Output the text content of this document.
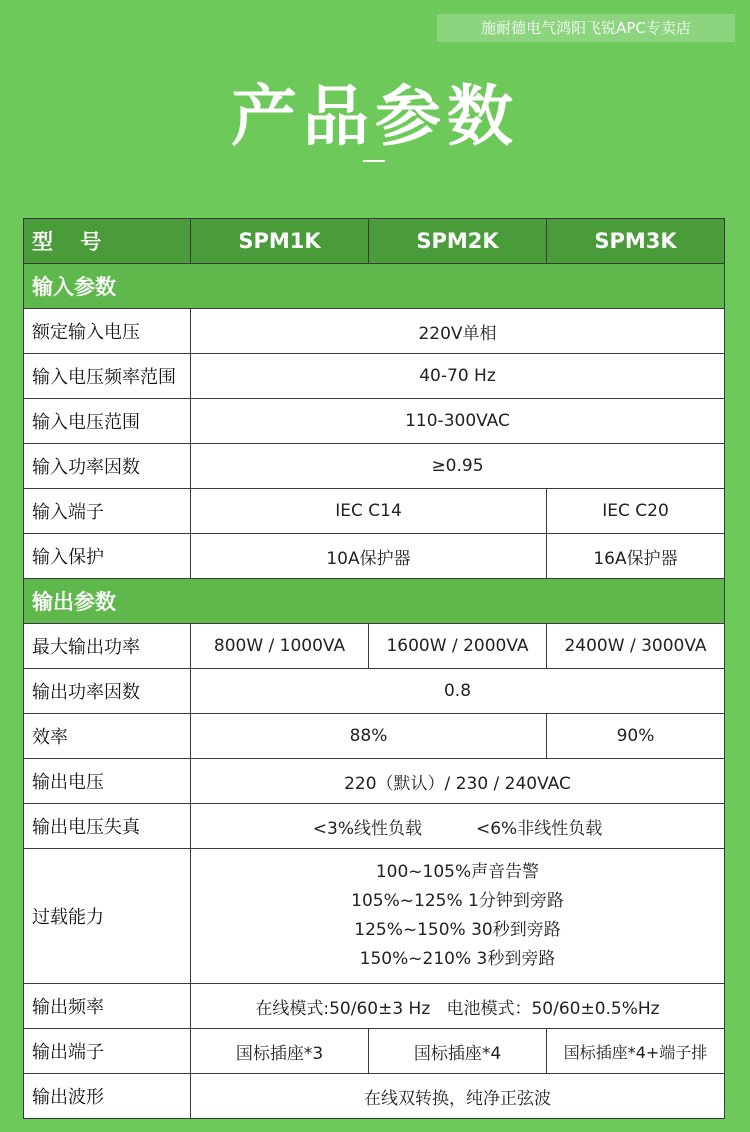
施耐德电气鸿阳飞锐APC专卖店
产品参数
型 号	SPM1K	SPM2K	SPM3K
输入参数			
额定输入电压	220V单相		
输入电压频率范围	40-70 Hz		
输入电压范围	110-300VAC		
输入功率因数	≥0.95		
输入端子	IEC C14		IEC C20
输入保护	10A保护器		16A保护器
输出参数			
最大输出功率	800W / 1000VA	1600W / 2000VA	2400W / 3000VA
输出功率因数	0.8		
效率	88%		90%
输出电压	220（默认）/ 230 / 240VAC		
输出电压失真	<3%线性负载 <6%非线性负载		
过载能力	100~105%声音告警
105%~125% 1分钟到旁路
125%~150% 30秒到旁路
150%~210% 3秒到旁路		

输出频率	在线模式:50/60±3 Hz   电池模式：50/60±0.5%Hz		
输出端子	国标插座*3	国标插座*4	国标插座*4+端子排
输出波形	在线双转换，纯净正弦波		
